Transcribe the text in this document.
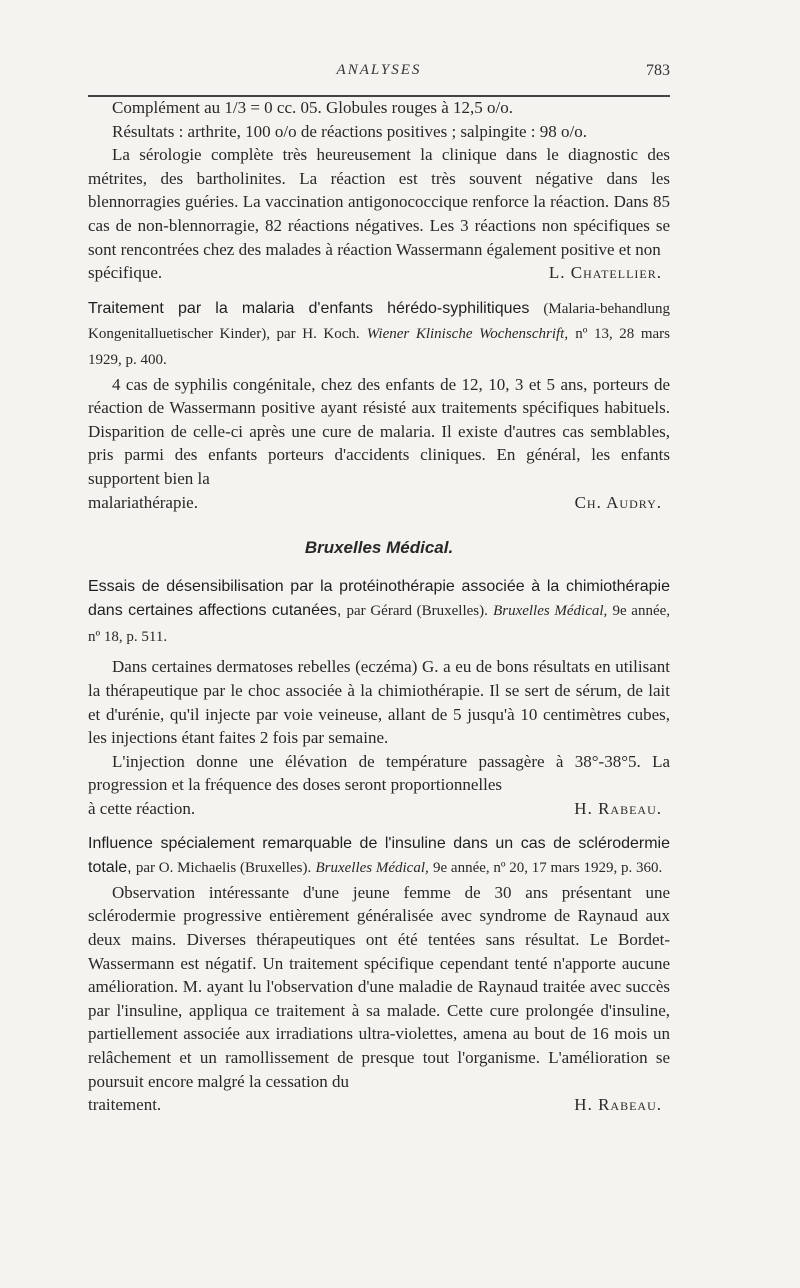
ANALYSES	783

Complément au 1/3 = 0 cc. 05. Globules rouges à 12,5 o/o.

Résultats : arthrite, 100 o/o de réactions positives ; salpingite : 98 o/o.

La sérologie complète très heureusement la clinique dans le diagnostic des métrites, des bartholinites. La réaction est très souvent négative dans les blennorragies guéries. La vaccination antigonococcique renforce la réaction. Dans 85 cas de non-blennorragie, 82 réactions négatives. Les 3 réactions non spécifiques se sont rencontrées chez des malades à réaction Wassermann également positive et non

spécifique.	L. Chatellier.

Traitement par la malaria d'enfants hérédo-syphilitiques (Malaria-behandlung Kongenitalluetischer Kinder), par H. Koch. Wiener Klinische Wochenschrift, nº 13, 28 mars 1929, p. 400.

4 cas de syphilis congénitale, chez des enfants de 12, 10, 3 et 5 ans, porteurs de réaction de Wassermann positive ayant résisté aux traitements spécifiques habituels. Disparition de celle-ci après une cure de malaria. Il existe d'autres cas semblables, pris parmi des enfants porteurs d'accidents cliniques. En général, les enfants supportent bien la

malariathérapie.	Ch. Audry.
Bruxelles Médical.

Essais de désensibilisation par la protéinothérapie associée à la chimiothérapie dans certaines affections cutanées, par Gérard (Bruxelles). Bruxelles Médical, 9e année, nº 18, p. 511.

Dans certaines dermatoses rebelles (eczéma) G. a eu de bons résultats en utilisant la thérapeutique par le choc associée à la chimiothérapie. Il se sert de sérum, de lait et d'urénie, qu'il injecte par voie veineuse, allant de 5 jusqu'à 10 centimètres cubes, les injections étant faites 2 fois par semaine.

L'injection donne une élévation de température passagère à 38°-38°5. La progression et la fréquence des doses seront proportionnelles

à cette réaction.	H. Rabeau.

Influence spécialement remarquable de l'insuline dans un cas de sclérodermie totale, par O. Michaelis (Bruxelles). Bruxelles Médical, 9e année, nº 20, 17 mars 1929, p. 360.

Observation intéressante d'une jeune femme de 30 ans présentant une sclérodermie progressive entièrement généralisée avec syndrome de Raynaud aux deux mains. Diverses thérapeutiques ont été tentées sans résultat. Le Bordet-Wassermann est négatif. Un traitement spécifique cependant tenté n'apporte aucune amélioration. M. ayant lu l'observation d'une maladie de Raynaud traitée avec succès par l'insuline, appliqua ce traitement à sa malade. Cette cure prolongée d'insuline, partiellement associée aux irradiations ultra-violettes, amena au bout de 16 mois un relâchement et un ramollissement de presque tout l'organisme. L'amélioration se poursuit encore malgré la cessation du

traitement.	H. Rabeau.
